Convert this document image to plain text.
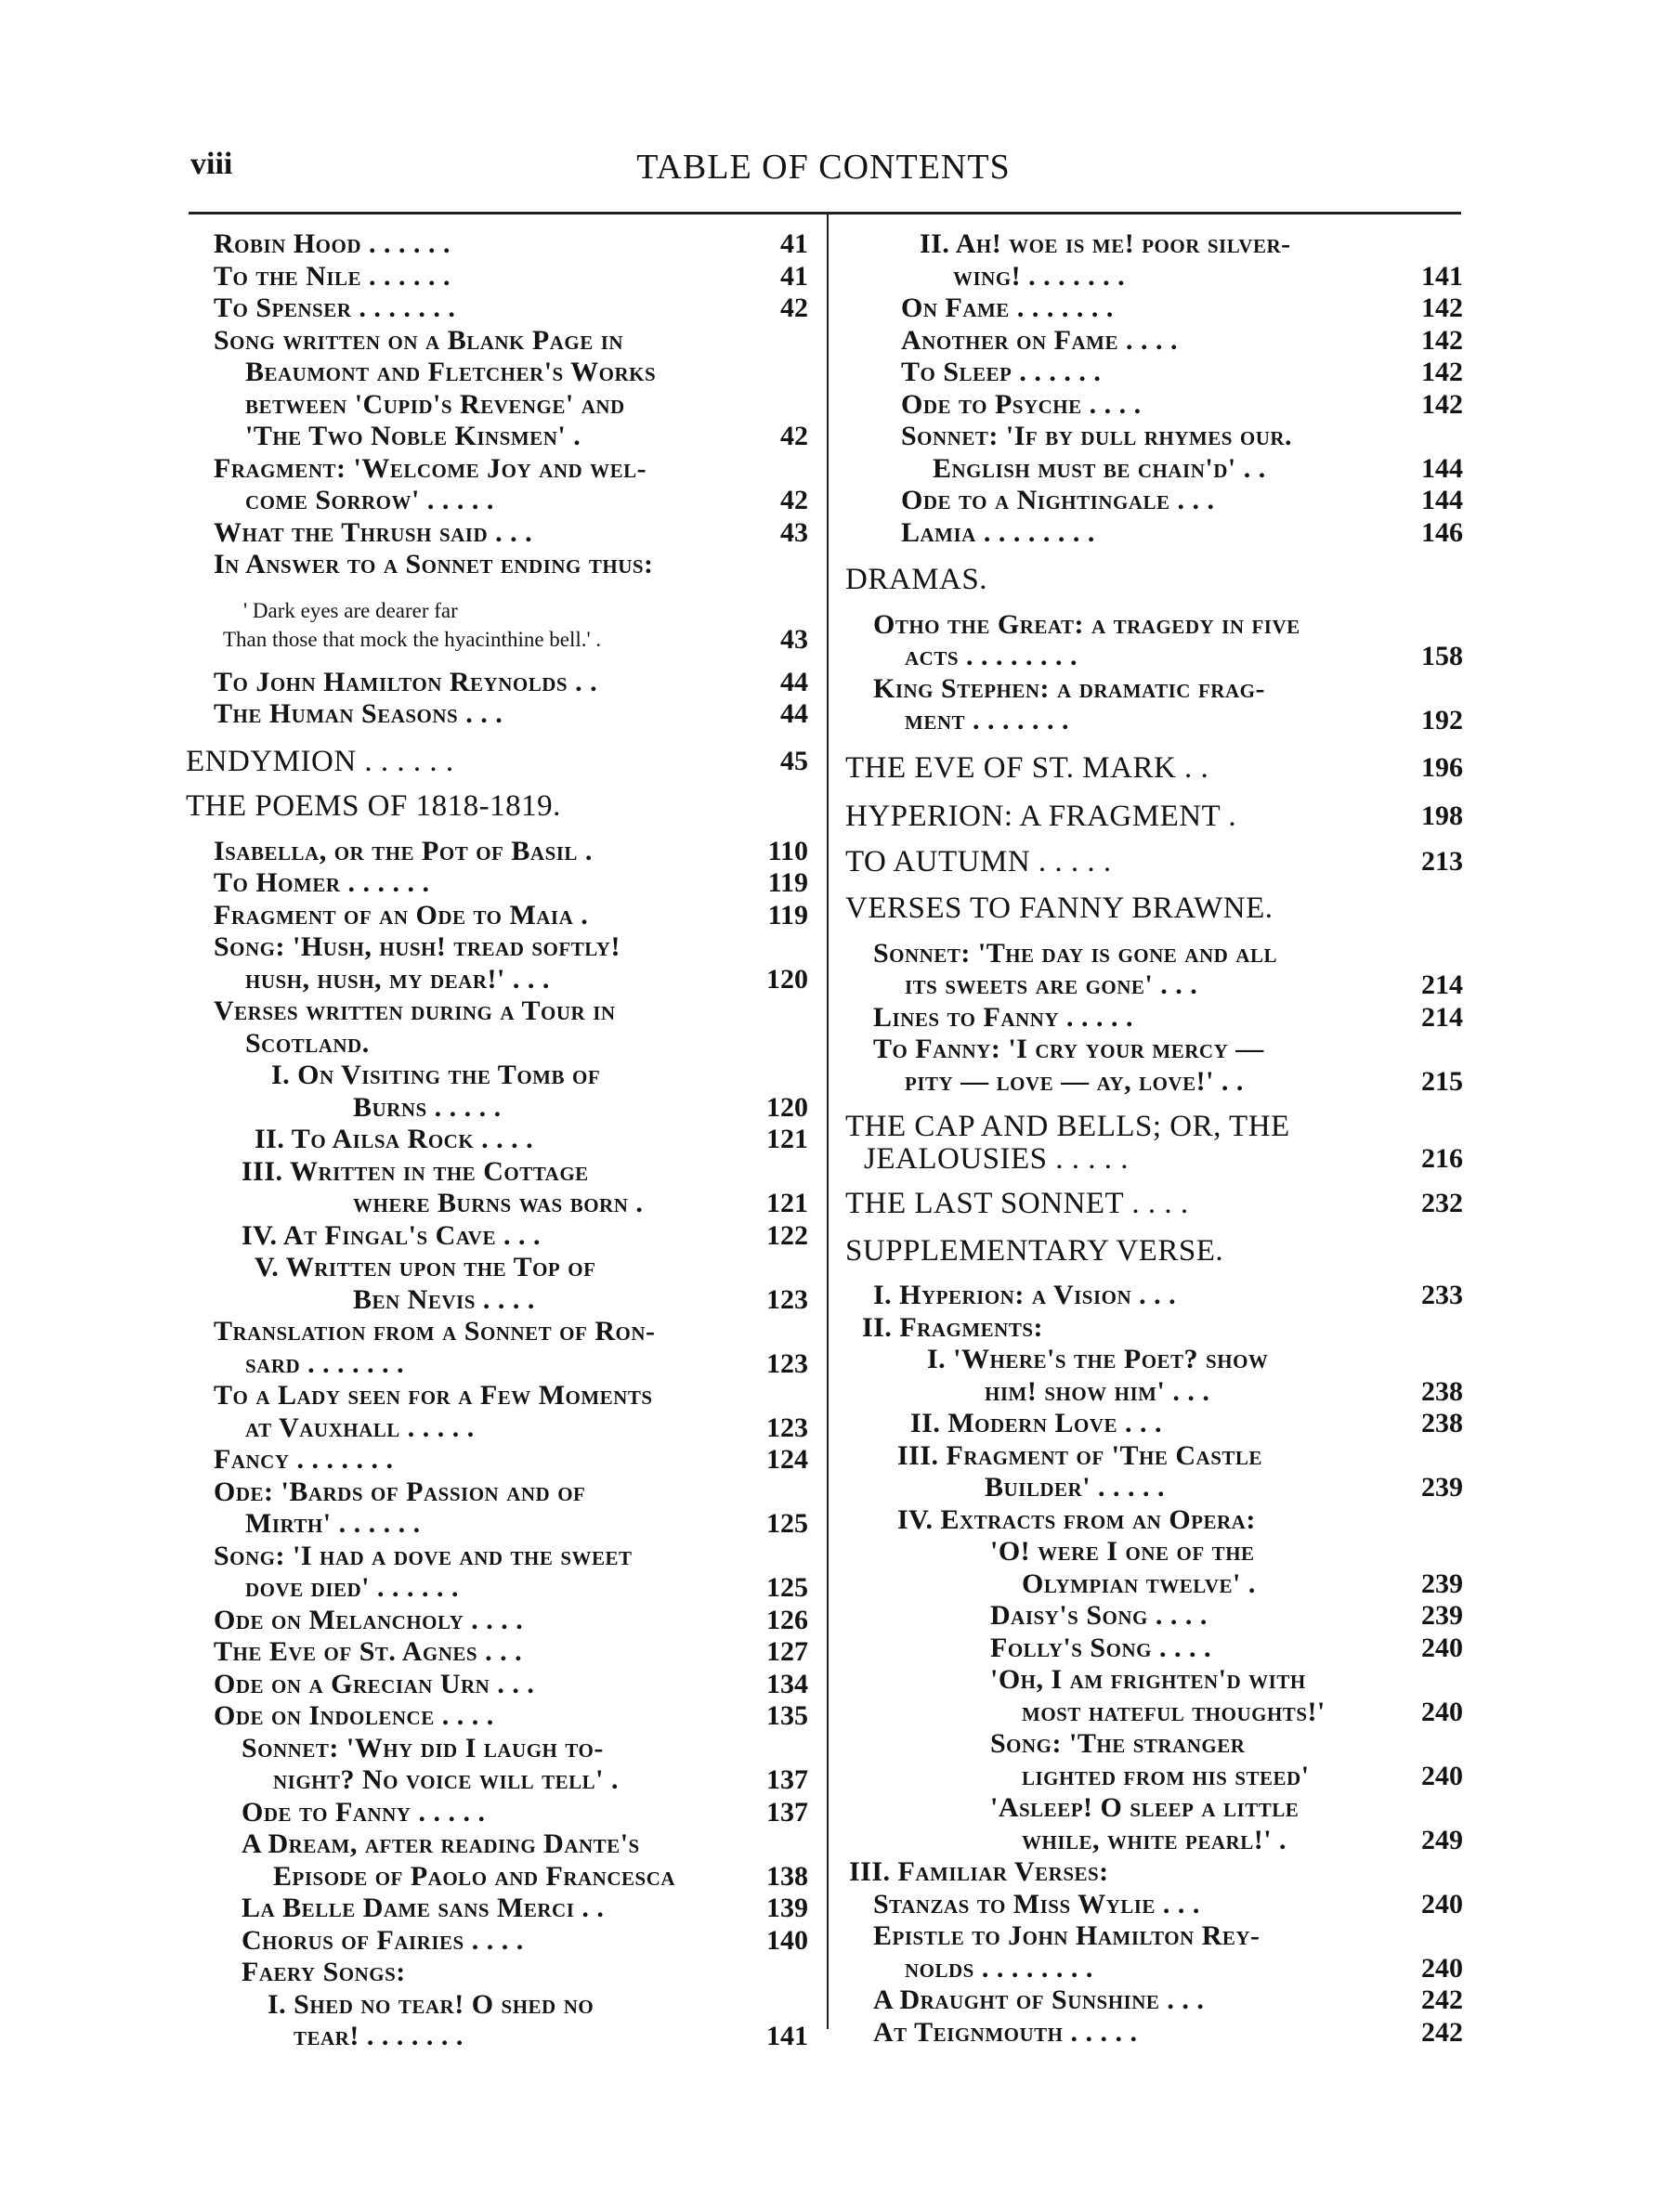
viii	TABLE OF CONTENTS
Robin Hood . . . . . .	41
To the Nile . . . . . .	41
To Spenser . . . . . . .	42
Song written on a Blank Page in
Beaumont and Fletcher's Works
between 'Cupid's Revenge' and
'The Two Noble Kinsmen' .	42
Fragment: 'Welcome Joy and wel-
come Sorrow' . . . . .	42
What the Thrush said . . .	43
In Answer to a Sonnet ending thus:
' Dark eyes are dearer far
Than those that mock the hyacinthine bell.' .	43
To John Hamilton Reynolds . .	44
The Human Seasons . . .	44
ENDYMION . . . . . .	45
THE POEMS OF 1818-1819.
Isabella, or the Pot of Basil .	110
To Homer . . . . . .	119
Fragment of an Ode to Maia .	119
Song: 'Hush, hush! tread softly!
hush, hush, my dear!' . . .	120
Verses written during a Tour in
Scotland.
I. On Visiting the Tomb of
Burns . . . . .	120
II. To Ailsa Rock . . . .	121
III. Written in the Cottage
where Burns was born .	121
IV. At Fingal's Cave . . .	122
V. Written upon the Top of
Ben Nevis . . . .	123
Translation from a Sonnet of Ron-
sard . . . . . . .	123
To a Lady seen for a Few Moments
at Vauxhall . . . . .	123
Fancy . . . . . . .	124
Ode: 'Bards of Passion and of
Mirth' . . . . . .	125
Song: 'I had a dove and the sweet
dove died' . . . . . .	125
Ode on Melancholy . . . .	126
The Eve of St. Agnes . . .	127
Ode on a Grecian Urn . . .	134
Ode on Indolence . . . .	135
Sonnet: 'Why did I laugh to-
night? No voice will tell' .	137
Ode to Fanny . . . . .	137
A Dream, after reading Dante's
Episode of Paolo and Francesca	138
La Belle Dame sans Merci . .	139
Chorus of Fairies . . . .	140
Faery Songs:
I. Shed no tear! O shed no
tear! . . . . . . .	141
II. Ah! woe is me! poor silver-
wing! . . . . . . .	141
On Fame . . . . . . .	142
Another on Fame . . . .	142
To Sleep . . . . . .	142
Ode to Psyche . . . .	142
Sonnet: 'If by dull rhymes our.
English must be chain'd' . .	144
Ode to a Nightingale . . .	144
Lamia . . . . . . . .	146
DRAMAS.
Otho the Great: a tragedy in five
acts . . . . . . . .	158
King Stephen: a dramatic frag-
ment . . . . . . .	192
THE EVE OF ST. MARK . .	196
HYPERION: A FRAGMENT .	198
TO AUTUMN . . . . .	213
VERSES TO FANNY BRAWNE.
Sonnet: 'The day is gone and all
its sweets are gone' . . .	214
Lines to Fanny . . . . .	214
To Fanny: 'I cry your mercy —
pity — love — ay, love!' . .	215
THE CAP AND BELLS; OR, THE
JEALOUSIES . . . . .	216
THE LAST SONNET . . . .	232
SUPPLEMENTARY VERSE.
I. Hyperion: a Vision . . .	233
II. Fragments:
I. 'Where's the Poet? show
him! show him' . . .	238
II. Modern Love . . .	238
III. Fragment of 'The Castle
Builder' . . . . .	239
IV. Extracts from an Opera:
'O! were I one of the
Olympian twelve' .	239
Daisy's Song . . . .	239
Folly's Song . . . .	240
'Oh, I am frighten'd with
most hateful thoughts!'	240
Song: 'The stranger
lighted from his steed'	240
'Asleep! O sleep a little
while, white pearl!' .	249
III. Familiar Verses:
Stanzas to Miss Wylie . . .	240
Epistle to John Hamilton Rey-
nolds . . . . . . . .	240
A Draught of Sunshine . . .	242
At Teignmouth . . . . .	242
